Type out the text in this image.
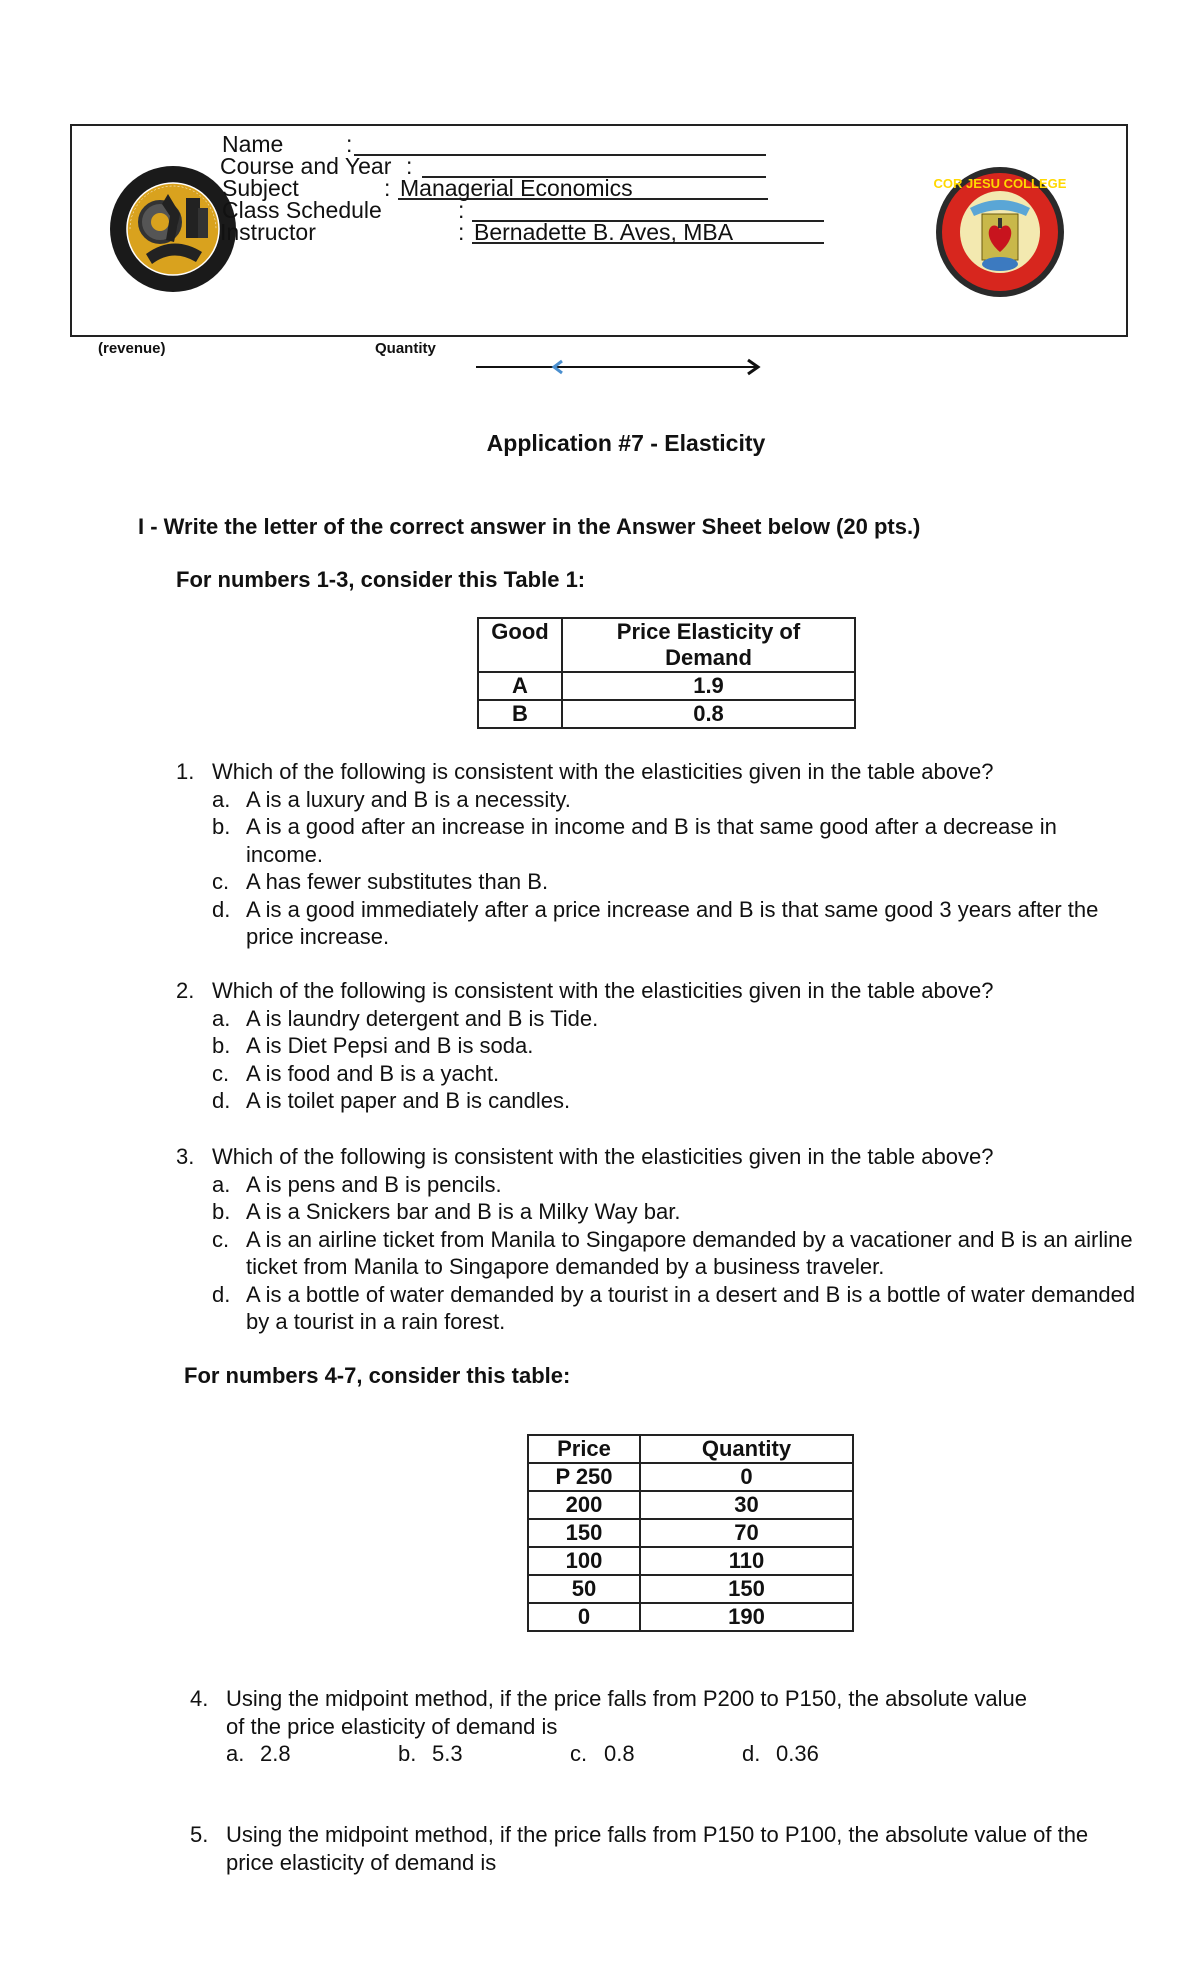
Name	:
Course and Year :
Subject	: Managerial Economics
Class Schedule	:
Instructor	: Bernadette B. Aves, MBA
COR JESU COLLEGE
(revenue)	Quantity
Application #7 - Elasticity
I - Write the letter of the correct answer in the Answer Sheet below (20 pts.)
For numbers 1-3, consider this Table 1:
Good	Price Elasticity of Demand
A	1.9
B	0.8
1. Which of the following is consistent with the elasticities given in the table above?
a. A is a luxury and B is a necessity.
b. A is a good after an increase in income and B is that same good after a decrease in income.
c. A has fewer substitutes than B.
d. A is a good immediately after a price increase and B is that same good 3 years after the price increase.
2. Which of the following is consistent with the elasticities given in the table above?
a. A is laundry detergent and B is Tide.
b. A is Diet Pepsi and B is soda.
c. A is food and B is a yacht.
d. A is toilet paper and B is candles.
3. Which of the following is consistent with the elasticities given in the table above?
a. A is pens and B is pencils.
b. A is a Snickers bar and B is a Milky Way bar.
c. A is an airline ticket from Manila to Singapore demanded by a vacationer and B is an airline ticket from Manila to Singapore demanded by a business traveler.
d. A is a bottle of water demanded by a tourist in a desert and B is a bottle of water demanded by a tourist in a rain forest.
For numbers 4-7, consider this table:
Price	Quantity
P 250	0
200	30
150	70
100	110
50	150
0	190
4. Using the midpoint method, if the price falls from P200 to P150, the absolute value of the price elasticity of demand is
a. 2.8	b. 5.3	c. 0.8	d. 0.36
5. Using the midpoint method, if the price falls from P150 to P100, the absolute value of the price elasticity of demand is
